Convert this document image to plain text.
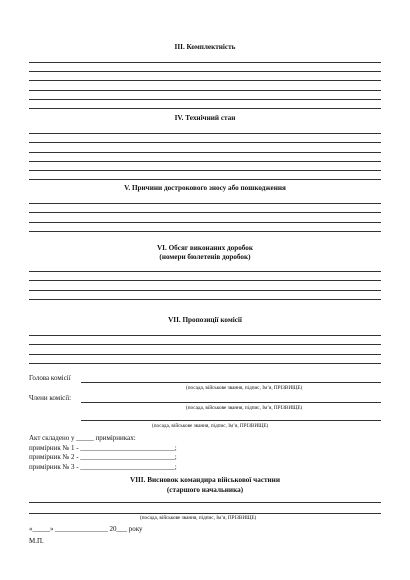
III. Комплектність
IV. Технічний стан
V. Причини дострокового зносу або пошкодження
VI. Обсяг виконаних доробок
(номери бюлетенів доробок)
VII. Пропозиції комісії
Голова комісії
(посада, військове звання, підпис, Ім’я, ПРІЗВИЩЕ)
Члени комісії:
(посада, військове звання, підпис, Ім’я, ПРІЗВИЩЕ)
(посада, військове звання, підпис, Ім’я, ПРІЗВИЩЕ)
Акт складено у _____ примірниках:
примірник № 1 - ___________________________;
примірник № 2 - ___________________________;
примірник № 3 - ___________________________;
VIII. Висновок командира військової частини
(старшого начальника)
(посада, військове звання, підпис, Ім’я, ПРІЗВИЩЕ)
«_____» _______________ 20___ року
М.П.
